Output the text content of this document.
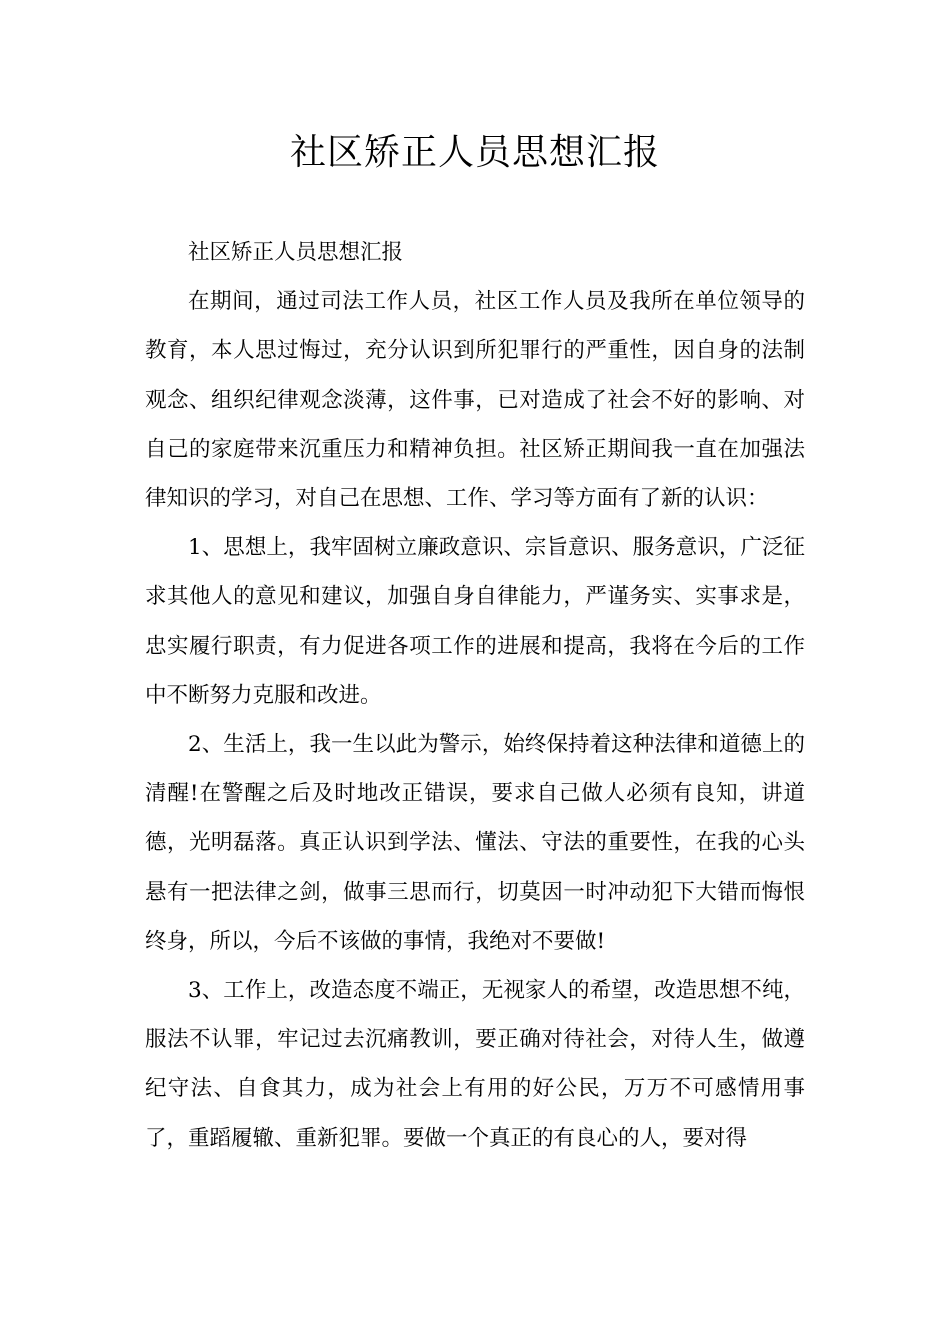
社区矫正人员思想汇报

社区矫正人员思想汇报

在期间，通过司法工作人员，社区工作人员及我所在单位领导的教育，本人思过悔过，充分认识到所犯罪行的严重性，因自身的法制观念、组织纪律观念淡薄，这件事，已对造成了社会不好的影响、对自己的家庭带来沉重压力和精神负担。社区矫正期间我一直在加强法律知识的学习，对自己在思想、工作、学习等方面有了新的认识：

1、思想上，我牢固树立廉政意识、宗旨意识、服务意识，广泛征求其他人的意见和建议，加强自身自律能力，严谨务实、实事求是，忠实履行职责，有力促进各项工作的进展和提高，我将在今后的工作中不断努力克服和改进。

2、生活上，我一生以此为警示，始终保持着这种法律和道德上的清醒!在警醒之后及时地改正错误，要求自己做人必须有良知，讲道德，光明磊落。真正认识到学法、懂法、守法的重要性，在我的心头悬有一把法律之剑，做事三思而行，切莫因一时冲动犯下大错而悔恨终身，所以，今后不该做的事情，我绝对不要做!

3、工作上，改造态度不端正，无视家人的希望，改造思想不纯，服法不认罪，牢记过去沉痛教训，要正确对待社会，对待人生，做遵纪守法、自食其力，成为社会上有用的好公民，万万不可感情用事了，重蹈履辙、重新犯罪。要做一个真正的有良心的人，要对得
